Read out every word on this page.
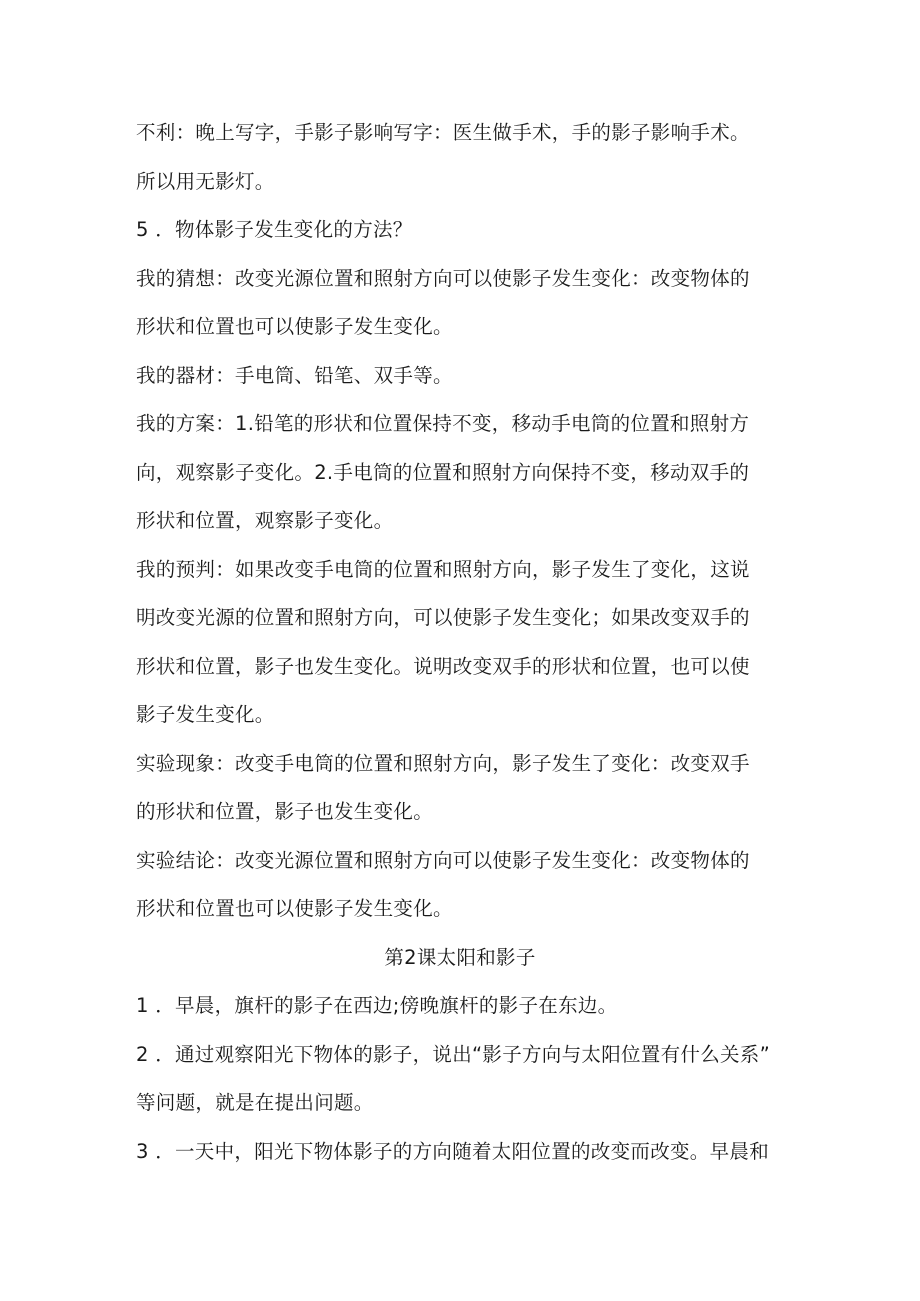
不利：晚上写字，手影子影响写字：医生做手术，手的影子影响手术。
所以用无影灯。
5 ．物体影子发生变化的方法？
我的猜想：改变光源位置和照射方向可以使影子发生变化：改变物体的
形状和位置也可以使影子发生变化。
我的器材：手电筒、铅笔、双手等。
我的方案：1.铅笔的形状和位置保持不变，移动手电筒的位置和照射方
向，观察影子变化。2.手电筒的位置和照射方向保持不变，移动双手的
形状和位置，观察影子变化。
我的预判：如果改变手电筒的位置和照射方向，影子发生了变化，这说
明改变光源的位置和照射方向，可以使影子发生变化；如果改变双手的
形状和位置，影子也发生变化。说明改变双手的形状和位置，也可以使
影子发生变化。
实验现象：改变手电筒的位置和照射方向，影子发生了变化：改变双手
的形状和位置，影子也发生变化。
实验结论：改变光源位置和照射方向可以使影子发生变化：改变物体的
形状和位置也可以使影子发生变化。
第2课太阳和影子
1 ．早晨，旗杆的影子在西边;傍晚旗杆的影子在东边。
2 ．通过观察阳光下物体的影子，说出“影子方向与太阳位置有什么关系”
等问题，就是在提出问题。
3 ．一天中，阳光下物体影子的方向随着太阳位置的改变而改变。早晨和
